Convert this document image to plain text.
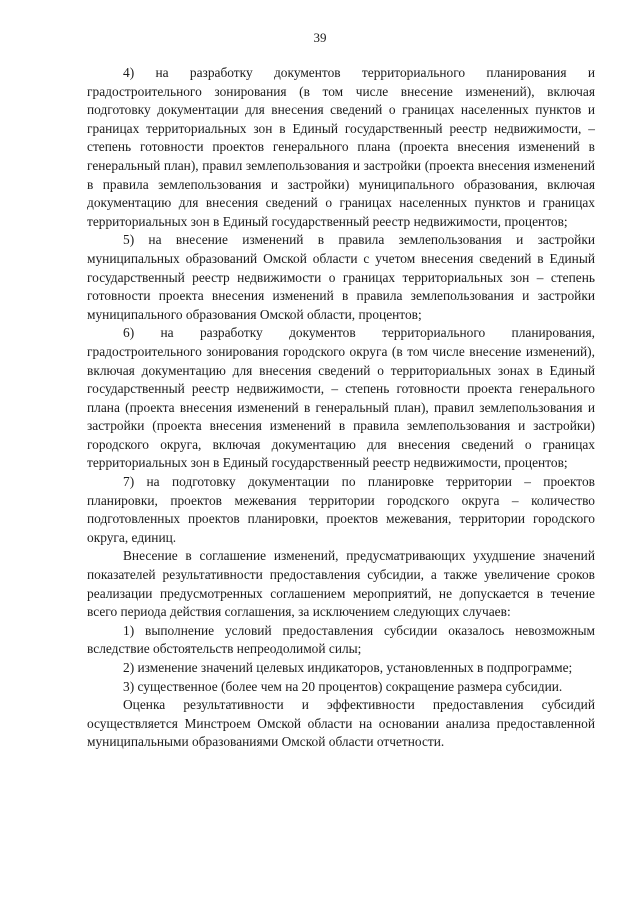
39

4) на разработку документов территориального планирования и градостроительного зонирования (в том числе внесение изменений), включая подготовку документации для внесения сведений о границах населенных пунктов и границах территориальных зон в Единый государственный реестр недвижимости, – степень готовности проектов генерального плана (проекта внесения изменений в генеральный план), правил землепользования и застройки (проекта внесения изменений в правила землепользования и застройки) муниципального образования, включая документацию для внесения сведений о границах населенных пунктов и границах территориальных зон в Единый государственный реестр недвижимости, процентов;

5) на внесение изменений в правила землепользования и застройки муниципальных образований Омской области с учетом внесения сведений в Единый государственный реестр недвижимости о границах территориальных зон – степень готовности проекта внесения изменений в правила землепользования и застройки муниципального образования Омской области, процентов;

6) на разработку документов территориального планирования, градостроительного зонирования городского округа (в том числе внесение изменений), включая документацию для внесения сведений о территориальных зонах в Единый государственный реестр недвижимости, – степень готовности проекта генерального плана (проекта внесения изменений в генеральный план), правил землепользования и застройки (проекта внесения изменений в правила землепользования и застройки) городского округа, включая документацию для внесения сведений о границах территориальных зон в Единый государственный реестр недвижимости, процентов;

7) на подготовку документации по планировке территории – проектов планировки, проектов межевания территории городского округа – количество подготовленных проектов планировки, проектов межевания, территории городского округа, единиц.

Внесение в соглашение изменений, предусматривающих ухудшение значений показателей результативности предоставления субсидии, а также увеличение сроков реализации предусмотренных соглашением мероприятий, не допускается в течение всего периода действия соглашения, за исключением следующих случаев:

1) выполнение условий предоставления субсидии оказалось невозможным вследствие обстоятельств непреодолимой силы;

2) изменение значений целевых индикаторов, установленных в подпрограмме;

3) существенное (более чем на 20 процентов) сокращение размера субсидии.

Оценка результативности и эффективности предоставления субсидий осуществляется Минстроем Омской области на основании анализа предоставленной муниципальными образованиями Омской области отчетности.
